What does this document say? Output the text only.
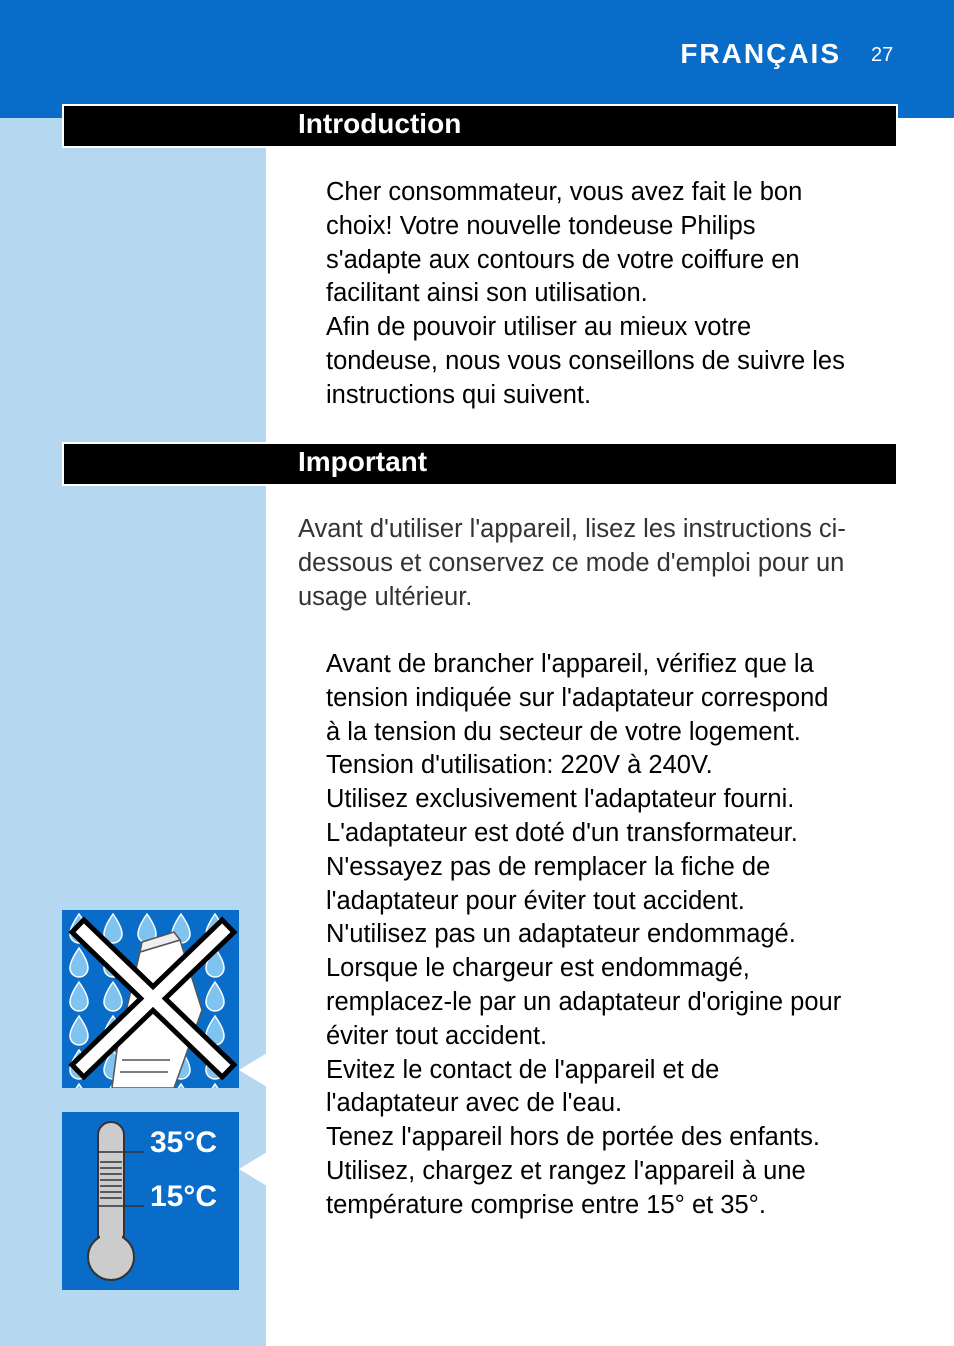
FRANÇAIS 27
Introduction

Cher consommateur, vous avez fait le bon

choix! Votre nouvelle tondeuse Philips

s'adapte aux contours de votre coiffure en

facilitant ainsi son utilisation.

Afin de pouvoir utiliser au mieux votre

tondeuse, nous vous conseillons de suivre les

instructions qui suivent.

Important

Avant d'utiliser l'appareil, lisez les instructions ci-

dessous et conservez ce mode d'emploi pour un

usage ultérieur.

Avant de brancher l'appareil, vérifiez que la

tension indiquée sur l'adaptateur correspond

à la tension du secteur de votre logement.

Tension d'utilisation: 220V à 240V.

Utilisez exclusivement l'adaptateur fourni.

L'adaptateur est doté d'un transformateur.

N'essayez pas de remplacer la fiche de

l'adaptateur pour éviter tout accident.

N'utilisez pas un adaptateur endommagé.

Lorsque le chargeur est endommagé,

remplacez-le par un adaptateur d'origine pour

éviter tout accident.

Evitez le contact de l'appareil et de

l'adaptateur avec de l'eau.

Tenez l'appareil hors de portée des enfants.

Utilisez, chargez et rangez l'appareil à une

température comprise entre 15° et 35°.

35°C
15°C
